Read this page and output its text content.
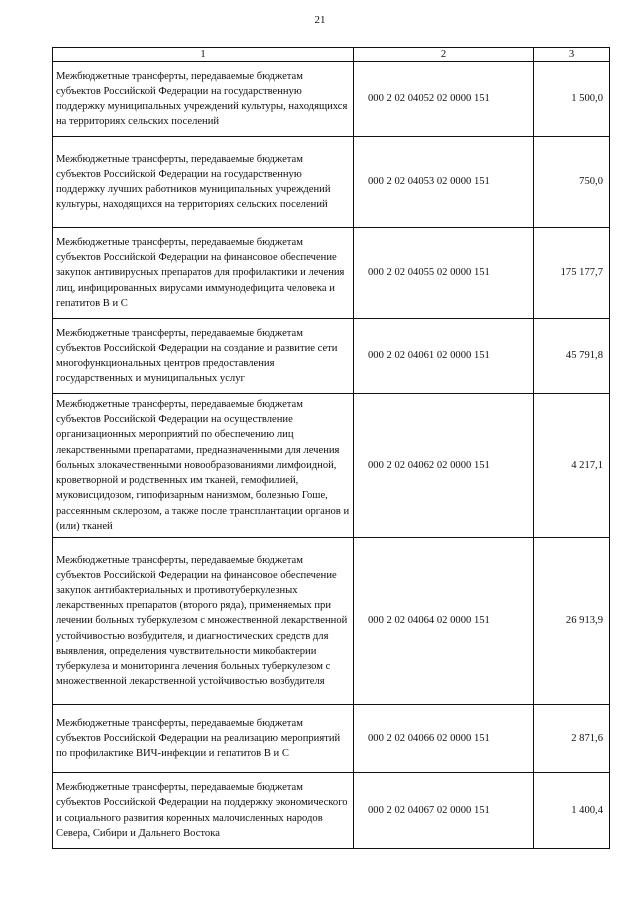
21
1	2	3
Межбюджетные трансферты, передаваемые бюджетам субъектов Российской Федерации на государственную поддержку муниципальных учреждений культуры, находящихся на территориях сельских поселений	000 2 02 04052 02 0000 151	1 500,0
Межбюджетные трансферты, передаваемые бюджетам субъектов Российской Федерации на государственную поддержку лучших работников муниципальных учреждений культуры, находящихся на территориях сельских поселений	000 2 02 04053 02 0000 151	750,0
Межбюджетные трансферты, передаваемые бюджетам субъектов Российской Федерации на финансовое обеспечение закупок антивирусных препаратов для профилактики и лечения лиц, инфицированных вирусами иммунодефицита человека и гепатитов В и С	000 2 02 04055 02 0000 151	175 177,7
Межбюджетные трансферты, передаваемые бюджетам субъектов Российской Федерации на создание и развитие сети многофункциональных центров предоставления государственных и муниципальных услуг	000 2 02 04061 02 0000 151	45 791,8
Межбюджетные трансферты, передаваемые бюджетам субъектов Российской Федерации на осуществление организационных мероприятий по обеспечению лиц лекарственными препаратами, предназначенными для лечения больных злокачественными новообразованиями лимфоидной, кроветворной и родственных им тканей, гемофилией, муковисцидозом, гипофизарным нанизмом, болезнью Гоше, рассеянным склерозом, а также после трансплантации органов и (или) тканей	000 2 02 04062 02 0000 151	4 217,1
Межбюджетные трансферты, передаваемые бюджетам субъектов Российской Федерации на финансовое обеспечение закупок антибактериальных и противотуберкулезных лекарственных препаратов (второго ряда), применяемых при лечении больных туберкулезом с множественной лекарственной устойчивостью возбудителя, и диагностических средств для выявления, определения чувствительности микобактерии туберкулеза и мониторинга лечения больных туберкулезом с множественной лекарственной устойчивостью возбудителя	000 2 02 04064 02 0000 151	26 913,9
Межбюджетные трансферты, передаваемые бюджетам субъектов Российской Федерации на реализацию мероприятий по профилактике ВИЧ-инфекции и гепатитов В и С	000 2 02 04066 02 0000 151	2 871,6
Межбюджетные трансферты, передаваемые бюджетам субъектов Российской Федерации на поддержку экономического и социального развития коренных малочисленных народов Севера, Сибири и Дальнего Востока	000 2 02 04067 02 0000 151	1 400,4
